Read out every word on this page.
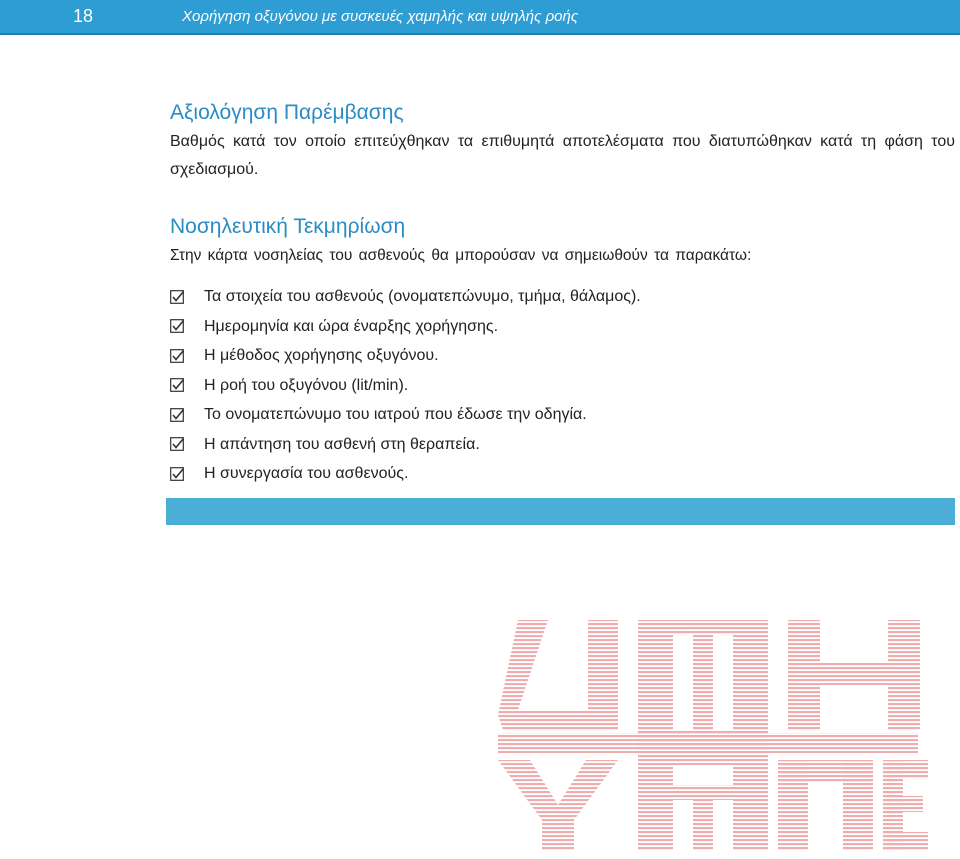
18	Χορήγηση οξυγόνου με συσκευές χαμηλής και υψηλής ροής
Αξιολόγηση Παρέμβασης

Βαθμός κατά τον οποίο επιτεύχθηκαν τα επιθυμητά αποτελέσματα που διατυπώθηκαν κατά τη φάση του σχεδιασμού.

Νοσηλευτική Τεκμηρίωση

Στην κάρτα νοσηλείας του ασθενούς θα μπορούσαν να σημειωθούν τα παρακάτω:

Τα στοιχεία του ασθενούς (ονοματεπώνυμο, τμήμα, θάλαμος).
Ημερομηνία και ώρα έναρξης χορήγησης.
Η μέθοδος χορήγησης οξυγόνου.
Η ροή του οξυγόνου (lit/min).
Το ονοματεπώνυμο του ιατρού που έδωσε την οδηγία.
Η απάντηση του ασθενή στη θεραπεία.
Η συνεργασία του ασθενούς.
